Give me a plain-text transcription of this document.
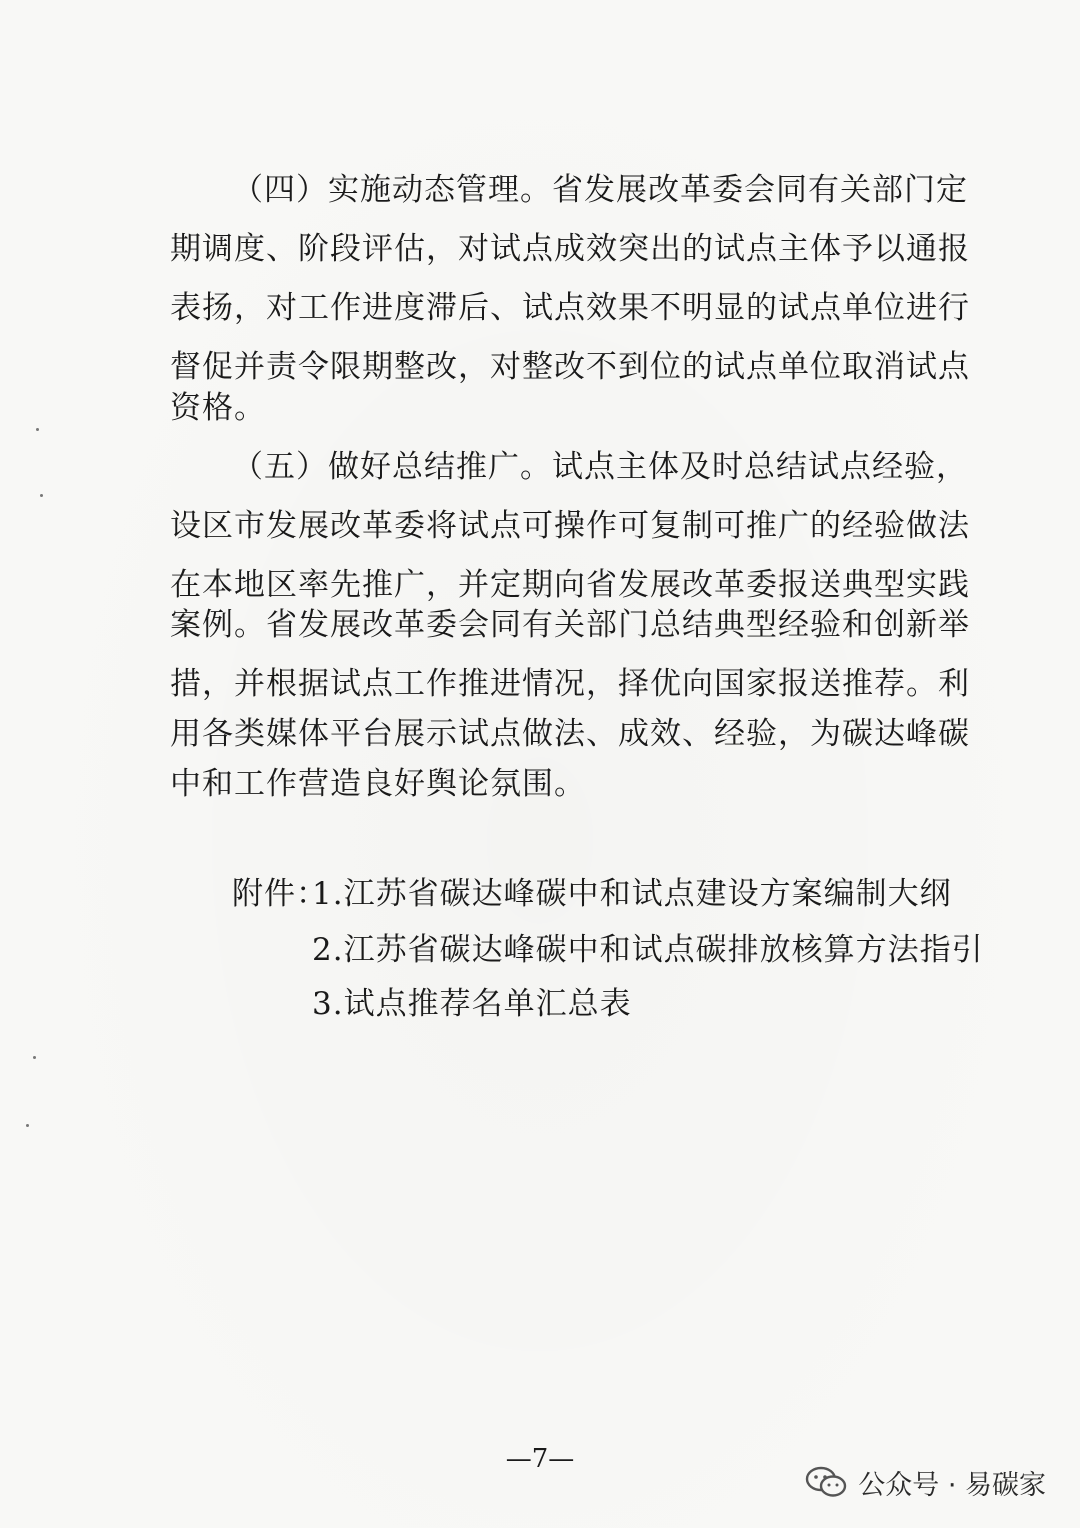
（四）实施动态管理。省发展改革委会同有关部门定
期调度、阶段评估，对试点成效突出的试点主体予以通报
表扬，对工作进度滞后、试点效果不明显的试点单位进行
督促并责令限期整改，对整改不到位的试点单位取消试点
资格。
（五）做好总结推广。试点主体及时总结试点经验，
设区市发展改革委将试点可操作可复制可推广的经验做法
在本地区率先推广，并定期向省发展改革委报送典型实践
案例。省发展改革委会同有关部门总结典型经验和创新举
措，并根据试点工作推进情况，择优向国家报送推荐。利
用各类媒体平台展示试点做法、成效、经验，为碳达峰碳
中和工作营造良好舆论氛围。
附件：
1.江苏省碳达峰碳中和试点建设方案编制大纲
2.江苏省碳达峰碳中和试点碳排放核算方法指引
3.试点推荐名单汇总表
—7—
公众号 · 易碳家
